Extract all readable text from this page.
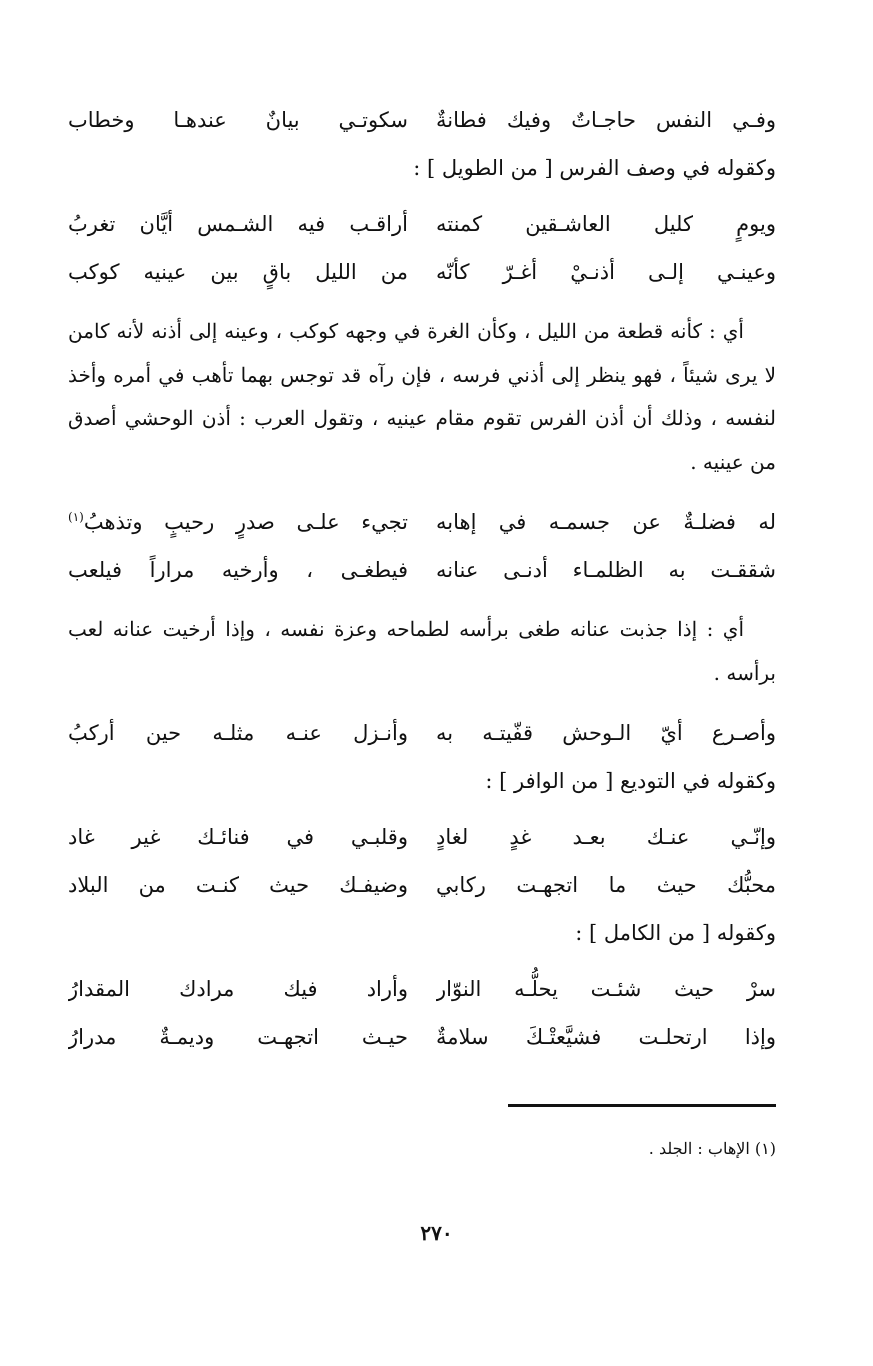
وفـي النفس حاجـاتٌ وفيك فطانةٌ
سكوتـي بيانٌ عندهـا وخطاب
وكقوله في وصف الفرس [ من الطويل ] :
ويومٍ كليل العاشـقين كمنته
أراقـب فيه الشـمس أيَّان تغربُ
وعينـي إلـى أذنـيْ أغـرّ كأنّه
من الليل باقٍ بين عينيه كوكب

أي : كأنه قطعة من الليل ، وكأن الغرة في وجهه كوكب ، وعينه إلى أذنه لأنه كامن لا يرى شيئاً ، فهو ينظر إلى أذني فرسه ، فإن رآه قد توجس بهما تأهب في أمره وأخذ لنفسه ، وذلك أن أذن الفرس تقوم مقام عينيه ، وتقول العرب : أذن الوحشي أصدق من عينيه .

له فضلـةٌ عن جسمـه في إهابه
تجيء علـى صدرٍ رحيبٍ وتذهبُ$^{(١)}$
شققـت به الظلمـاء أدنـى عنانه
فيطغـى ، وأرخيه مراراً فيلعب

أي : إذا جذبت عنانه طغى برأسه لطماحه وعزة نفسه ، وإذا أرخيت عنانه لعب برأسه .

وأصـرع أيّ الـوحش قفّيتـه به
وأنـزل عنـه مثلـه حين أركبُ
وكقوله في التوديع [ من الوافر ] :
وإنّـي عنـك بعـد غدٍ لغادٍ
وقلبـي في فنائـك غير غاد
محبُّك حيث ما اتجهـت ركابي
وضيفـك حيث كنـت من البلاد
وكقوله [ من الكامل ] :
سرْ حيث شئـت يحلُّـه النوّار
وأراد فيك مرادك المقدارُ
وإذا ارتحلـت فشيَّعتْـكَ سلامةٌ
حيـث اتجهـت وديمـةٌ مدرارُ
(١) الإهاب : الجلد .
٢٧٠
